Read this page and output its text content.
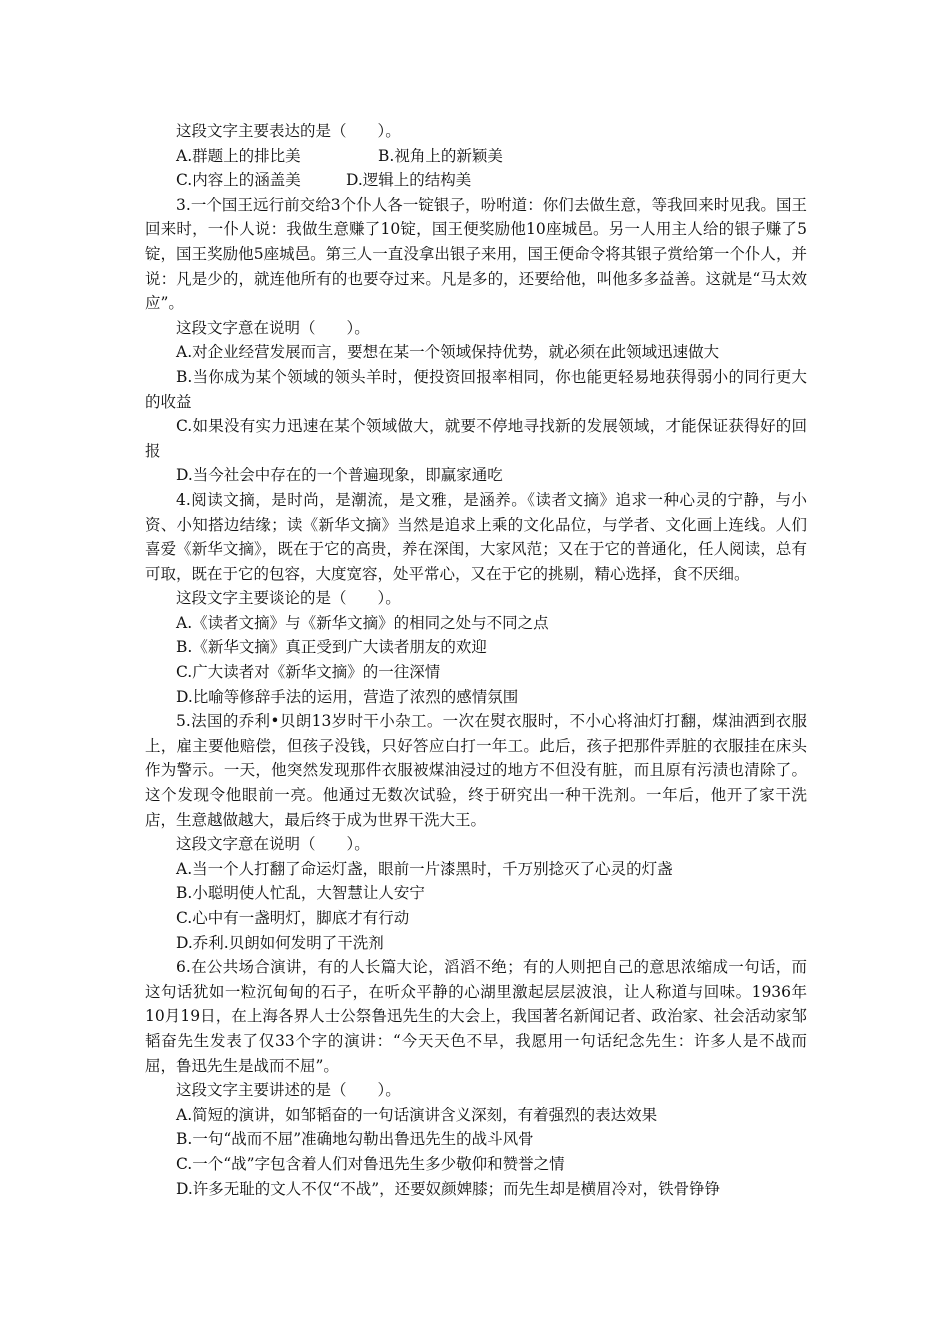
这段文字主要表达的是（　　）。
A.群题上的排比美	B.视角上的新颖美
C.内容上的涵盖美	D.逻辑上的结构美

3.一个国王远行前交给3个仆人各一锭银子，吩咐道：你们去做生意，等我回来时见我。国王回来时，一仆人说：我做生意赚了10锭，国王便奖励他10座城邑。另一人用主人给的银子赚了5锭，国王奖励他5座城邑。第三人一直没拿出银子来用，国王便命令将其银子赏给第一个仆人，并说：凡是少的，就连他所有的也要夺过来。凡是多的，还要给他，叫他多多益善。这就是“马太效应”。

这段文字意在说明（　　）。

A.对企业经营发展而言，要想在某一个领域保持优势，就必须在此领域迅速做大

B.当你成为某个领域的领头羊时，便投资回报率相同，你也能更轻易地获得弱小的同行更大的收益

C.如果没有实力迅速在某个领域做大，就要不停地寻找新的发展领域，才能保证获得好的回报

D.当今社会中存在的一个普遍现象，即赢家通吃

4.阅读文摘，是时尚，是潮流，是文雅，是涵养。《读者文摘》追求一种心灵的宁静，与小资、小知搭边结缘；读《新华文摘》当然是追求上乘的文化品位，与学者、文化画上连线。人们喜爱《新华文摘》，既在于它的高贵，养在深闺，大家风范；又在于它的普通化，任人阅读，总有可取，既在于它的包容，大度宽容，处平常心，又在于它的挑剔，精心选择，食不厌细。

这段文字主要谈论的是（　　）。

A.《读者文摘》与《新华文摘》的相同之处与不同之点

B.《新华文摘》真正受到广大读者朋友的欢迎

C.广大读者对《新华文摘》的一往深情

D.比喻等修辞手法的运用，营造了浓烈的感情氛围

5.法国的乔利•贝朗13岁时干小杂工。一次在熨衣服时，不小心将油灯打翻，煤油洒到衣服上，雇主要他赔偿，但孩子没钱，只好答应白打一年工。此后，孩子把那件弄脏的衣服挂在床头作为警示。一天，他突然发现那件衣服被煤油浸过的地方不但没有脏，而且原有污渍也清除了。这个发现令他眼前一亮。他通过无数次试验，终于研究出一种干洗剂。一年后，他开了家干洗店，生意越做越大，最后终于成为世界干洗大王。

这段文字意在说明（　　）。

A.当一个人打翻了命运灯盏，眼前一片漆黑时，千万别捻灭了心灵的灯盏

B.小聪明使人忙乱，大智慧让人安宁

C.心中有一盏明灯，脚底才有行动

D.乔利.贝朗如何发明了干洗剂

6.在公共场合演讲，有的人长篇大论，滔滔不绝；有的人则把自己的意思浓缩成一句话，而这句话犹如一粒沉甸甸的石子，在听众平静的心湖里激起层层波浪，让人称道与回味。1936年10月19日，在上海各界人士公祭鲁迅先生的大会上，我国著名新闻记者、政治家、社会活动家邹韬奋先生发表了仅33个字的演讲：“今天天色不早，我愿用一句话纪念先生：许多人是不战而屈，鲁迅先生是战而不屈”。

这段文字主要讲述的是（　　）。

A.简短的演讲，如邹韬奋的一句话演讲含义深刻，有着强烈的表达效果

B.一句“战而不屈”准确地勾勒出鲁迅先生的战斗风骨

C.一个“战”字包含着人们对鲁迅先生多少敬仰和赞誉之情

D.许多无耻的文人不仅“不战”，还要奴颜婢膝；而先生却是横眉冷对，铁骨铮铮
